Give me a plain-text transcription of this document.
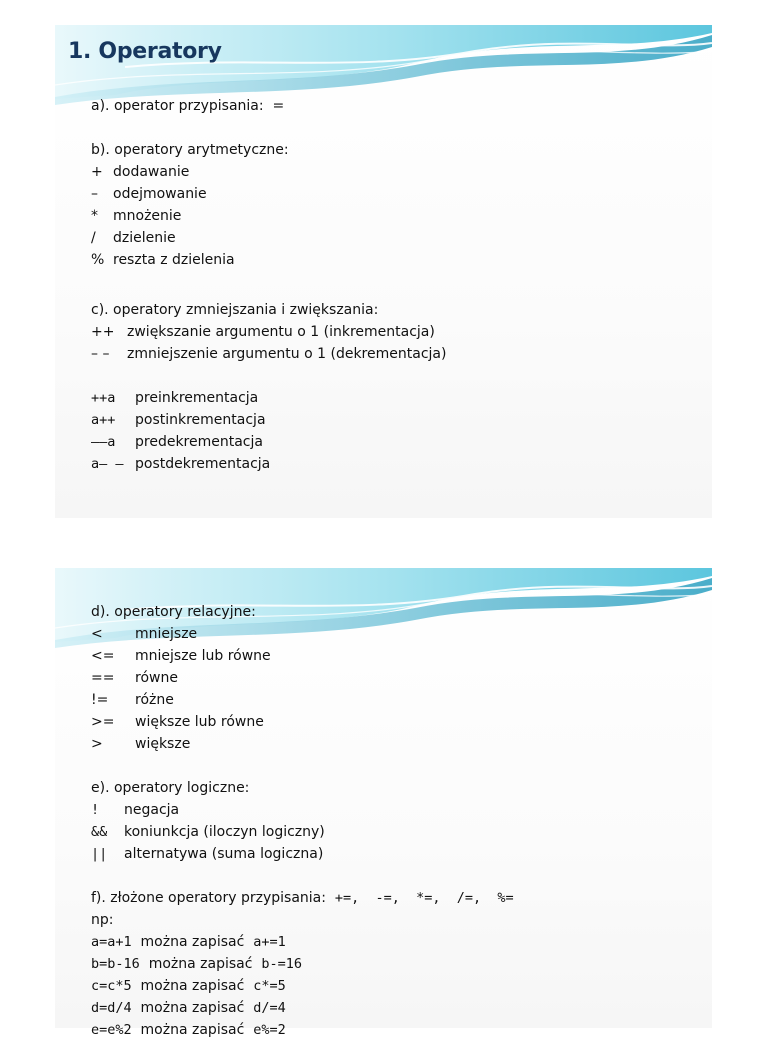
1. Operatory
a). operator przypisania: =
b). operatory arytmetyczne:
+ dodawanie
– odejmowanie
* mnożenie
/ dzielenie
% reszta z dzielenia
c). operatory zmniejszania i zwiększania:
++ zwiększanie argumentu o 1 (inkrementacja)
– – zmniejszenie argumentu o 1 (dekrementacja)
++a preinkrementacja
a++ postinkrementacja
––a predekrementacja
a– – postdekrementacja
d). operatory relacyjne:
< mniejsze
<= mniejsze lub równe
== równe
!= różne
>= większe lub równe
> większe
e). operatory logiczne:
! negacja
&& koniunkcja (iloczyn logiczny)
|| alternatywa (suma logiczna)
f). złożone operatory przypisania: +=,  -=,  *=,  /=,  %=
np:
a=a+1 można zapisać a+=1
b=b-16 można zapisać b-=16
c=c*5 można zapisać c*=5
d=d/4 można zapisać d/=4
e=e%2 można zapisać e%=2
